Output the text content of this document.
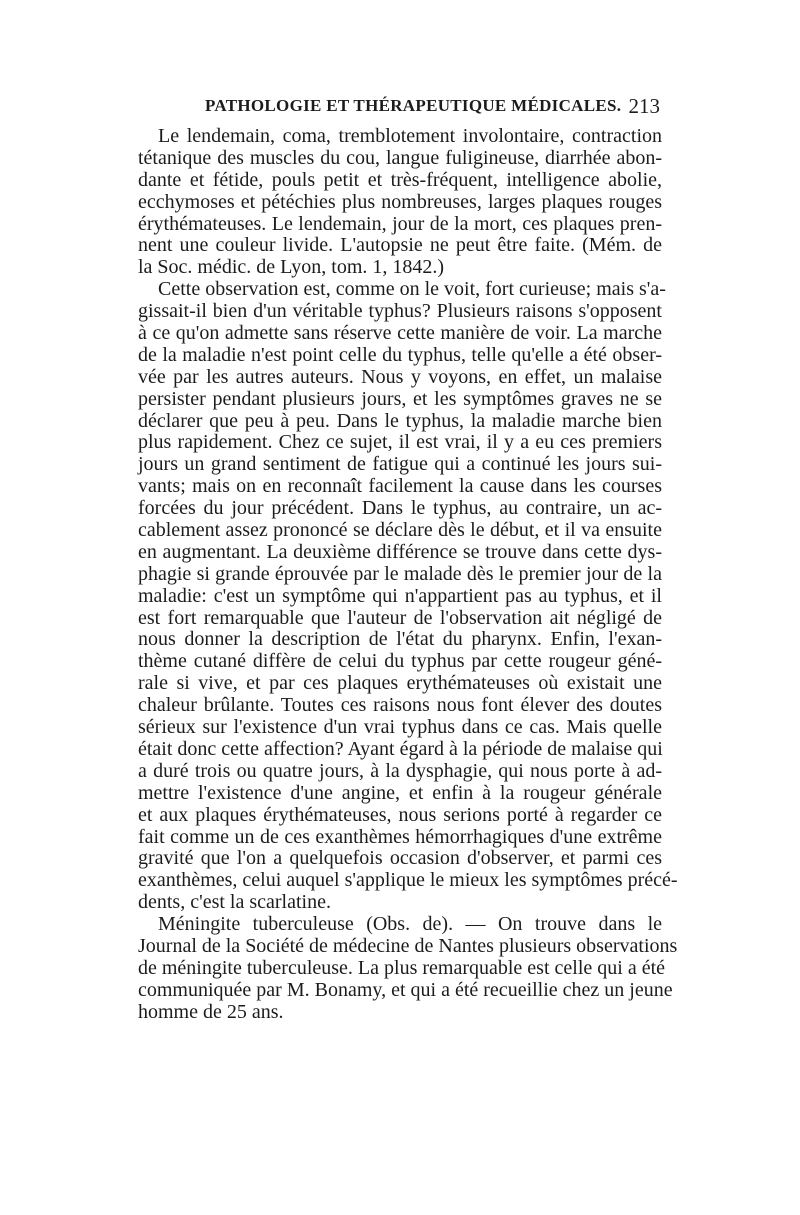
PATHOLOGIE ET THÉRAPEUTIQUE MÉDICALES. 213
Le lendemain, coma, tremblotement involontaire, contraction
tétanique des muscles du cou, langue fuligineuse, diarrhée abon-
dante et fétide, pouls petit et très-fréquent, intelligence abolie,
ecchymoses et pétéchies plus nombreuses, larges plaques rouges
érythémateuses. Le lendemain, jour de la mort, ces plaques pren-
nent une couleur livide. L'autopsie ne peut être faite. (Mém. de
la Soc. médic. de Lyon, tom. 1, 1842.)
Cette observation est, comme on le voit, fort curieuse; mais s'a-
gissait-il bien d'un véritable typhus? Plusieurs raisons s'opposent
à ce qu'on admette sans réserve cette manière de voir. La marche
de la maladie n'est point celle du typhus, telle qu'elle a été obser-
vée par les autres auteurs. Nous y voyons, en effet, un malaise
persister pendant plusieurs jours, et les symptômes graves ne se
déclarer que peu à peu. Dans le typhus, la maladie marche bien
plus rapidement. Chez ce sujet, il est vrai, il y a eu ces premiers
jours un grand sentiment de fatigue qui a continué les jours sui-
vants; mais on en reconnaît facilement la cause dans les courses
forcées du jour précédent. Dans le typhus, au contraire, un ac-
cablement assez prononcé se déclare dès le début, et il va ensuite
en augmentant. La deuxième différence se trouve dans cette dys-
phagie si grande éprouvée par le malade dès le premier jour de la
maladie: c'est un symptôme qui n'appartient pas au typhus, et il
est fort remarquable que l'auteur de l'observation ait négligé de
nous donner la description de l'état du pharynx. Enfin, l'exan-
thème cutané diffère de celui du typhus par cette rougeur géné-
rale si vive, et par ces plaques erythémateuses où existait une
chaleur brûlante. Toutes ces raisons nous font élever des doutes
sérieux sur l'existence d'un vrai typhus dans ce cas. Mais quelle
était donc cette affection? Ayant égard à la période de malaise qui
a duré trois ou quatre jours, à la dysphagie, qui nous porte à ad-
mettre l'existence d'une angine, et enfin à la rougeur générale
et aux plaques érythémateuses, nous serions porté à regarder ce
fait comme un de ces exanthèmes hémorrhagiques d'une extrême
gravité que l'on a quelquefois occasion d'observer, et parmi ces
exanthèmes, celui auquel s'applique le mieux les symptômes précé-
dents, c'est la scarlatine.
Méningite tuberculeuse (Obs. de). — On trouve dans le
Journal de la Société de médecine de Nantes plusieurs observations
de méningite tuberculeuse. La plus remarquable est celle qui a été
communiquée par M. Bonamy, et qui a été recueillie chez un jeune
homme de 25 ans.
